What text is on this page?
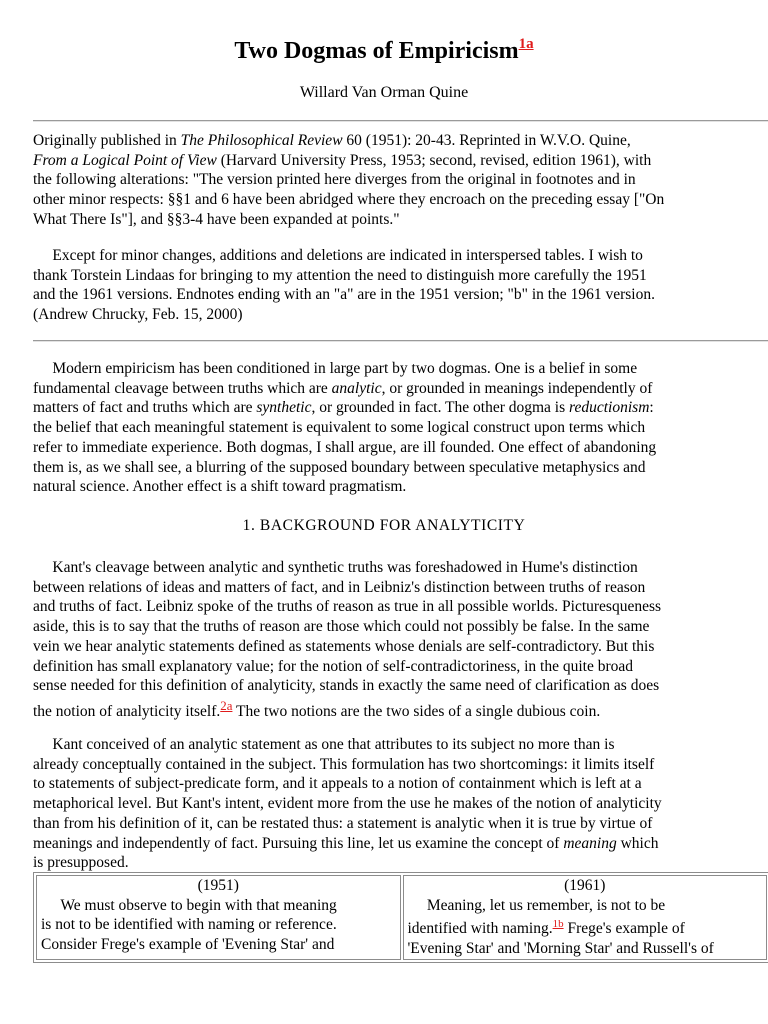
Two Dogmas of Empiricism$^{1a}$
Willard Van Orman Quine
Originally published in The Philosophical Review 60 (1951): 20-43. Reprinted in W.V.O. Quine,
From a Logical Point of View (Harvard University Press, 1953; second, revised, edition 1961), with
the following alterations: "The version printed here diverges from the original in footnotes and in
other minor respects: §§1 and 6 have been abridged where they encroach on the preceding essay ["On
What There Is"], and §§3-4 have been expanded at points."
Except for minor changes, additions and deletions are indicated in interspersed tables. I wish to
thank Torstein Lindaas for bringing to my attention the need to distinguish more carefully the 1951
and the 1961 versions. Endnotes ending with an "a" are in the 1951 version; "b" in the 1961 version.
(Andrew Chrucky, Feb. 15, 2000)
Modern empiricism has been conditioned in large part by two dogmas. One is a belief in some
fundamental cleavage between truths which are analytic, or grounded in meanings independently of
matters of fact and truths which are synthetic, or grounded in fact. The other dogma is reductionism:
the belief that each meaningful statement is equivalent to some logical construct upon terms which
refer to immediate experience. Both dogmas, I shall argue, are ill founded. One effect of abandoning
them is, as we shall see, a blurring of the supposed boundary between speculative metaphysics and
natural science. Another effect is a shift toward pragmatism.
1. BACKGROUND FOR ANALYTICITY
Kant's cleavage between analytic and synthetic truths was foreshadowed in Hume's distinction
between relations of ideas and matters of fact, and in Leibniz's distinction between truths of reason
and truths of fact. Leibniz spoke of the truths of reason as true in all possible worlds. Picturesqueness
aside, this is to say that the truths of reason are those which could not possibly be false. In the same
vein we hear analytic statements defined as statements whose denials are self-contradictory. But this
definition has small explanatory value; for the notion of self-contradictoriness, in the quite broad
sense needed for this definition of analyticity, stands in exactly the same need of clarification as does
the notion of analyticity itself.$^{2a}$ The two notions are the two sides of a single dubious coin.
Kant conceived of an analytic statement as one that attributes to its subject no more than is
already conceptually contained in the subject. This formulation has two shortcomings: it limits itself
to statements of subject-predicate form, and it appeals to a notion of containment which is left at a
metaphorical level. But Kant's intent, evident more from the use he makes of the notion of analyticity
than from his definition of it, can be restated thus: a statement is analytic when it is true by virtue of
meanings and independently of fact. Pursuing this line, let us examine the concept of meaning which
is presupposed.
(1951)
We must observe to begin with that meaning
is not to be identified with naming or reference.
Consider Frege's example of 'Evening Star' and

(1961)
Meaning, let us remember, is not to be
identified with naming.$^{1b}$ Frege's example of
'Evening Star' and 'Morning Star' and Russell's of
